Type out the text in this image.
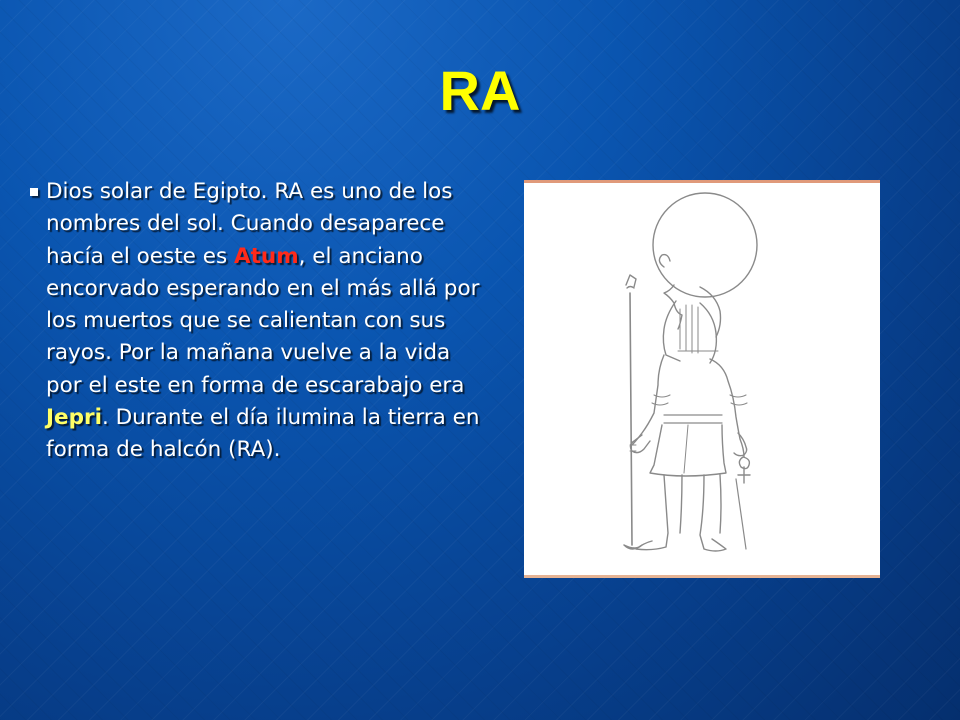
RA

Dios solar de Egipto. RA es uno de los nombres del sol. Cuando desaparece hacía el oeste es Atum, el anciano encorvado esperando en el más allá por los muertos que se calientan con sus rayos. Por la mañana vuelve a la vida por el este en forma de escarabajo era Jepri. Durante el día ilumina la tierra en forma de halcón (RA).
